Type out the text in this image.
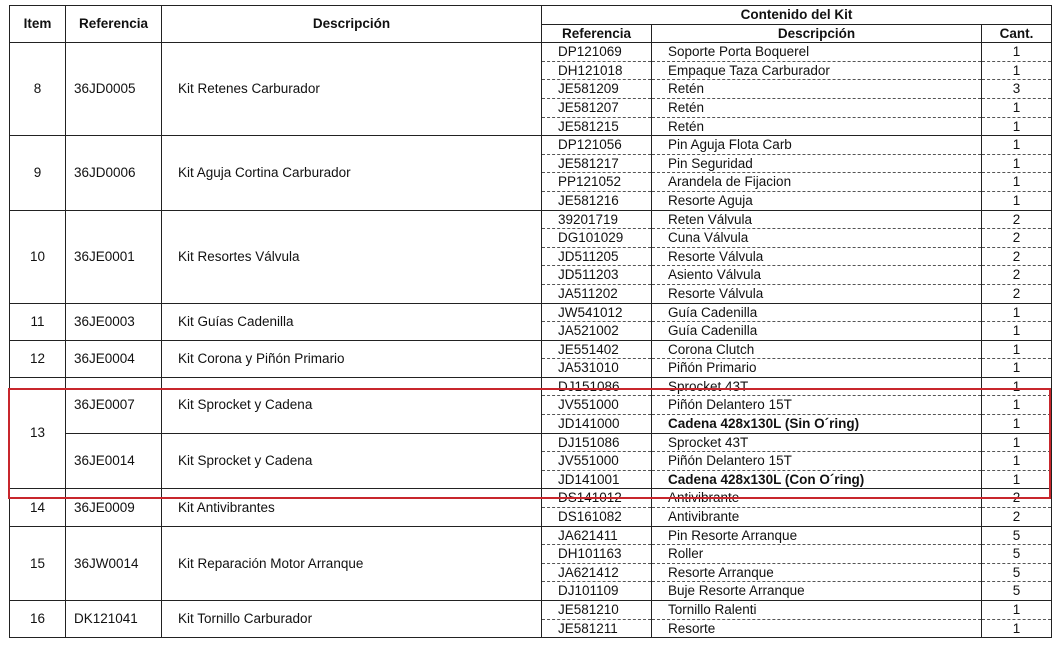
Item	Referencia	Descripción	Contenido del Kit		
			Referencia	Descripción	Cant.
8	36JD0005	Kit Retenes Carburador	DP121069	Soporte Porta Boquerel	1
			DH121018	Empaque Taza Carburador	1
			JE581209	Retén	3
			JE581207	Retén	1
			JE581215	Retén	1
9	36JD0006	Kit Aguja Cortina Carburador	DP121056	Pin Aguja Flota Carb	1
			JE581217	Pin Seguridad	1
			PP121052	Arandela de Fijacion	1
			JE581216	Resorte Aguja	1
10	36JE0001	Kit Resortes Válvula	39201719	Reten Válvula	2
			DG101029	Cuna Válvula	2
			JD511205	Resorte Válvula	2
			JD511203	Asiento Válvula	2
			JA511202	Resorte Válvula	2
11	36JE0003	Kit Guías Cadenilla	JW541012	Guía Cadenilla	1
			JA521002	Guía Cadenilla	1
12	36JE0004	Kit Corona y Piñón Primario	JE551402	Corona Clutch	1
			JA531010	Piñón Primario	1
13	36JE0007	Kit Sprocket y Cadena	DJ151086	Sprocket 43T	1
			JV551000	Piñón Delantero 15T	1
			JD141000	Cadena 428x130L (Sin O´ring)	1
	36JE0014	Kit Sprocket y Cadena	DJ151086	Sprocket 43T	1
			JV551000	Piñón Delantero 15T	1
			JD141001	Cadena 428x130L (Con O´ring)	1
14	36JE0009	Kit Antivibrantes	DS141012	Antivibrante	2
			DS161082	Antivibrante	2
15	36JW0014	Kit Reparación Motor Arranque	JA621411	Pin Resorte Arranque	5
			DH101163	Roller	5
			JA621412	Resorte Arranque	5
			DJ101109	Buje Resorte Arranque	5
16	DK121041	Kit Tornillo Carburador	JE581210	Tornillo Ralenti	1
			JE581211	Resorte	1
